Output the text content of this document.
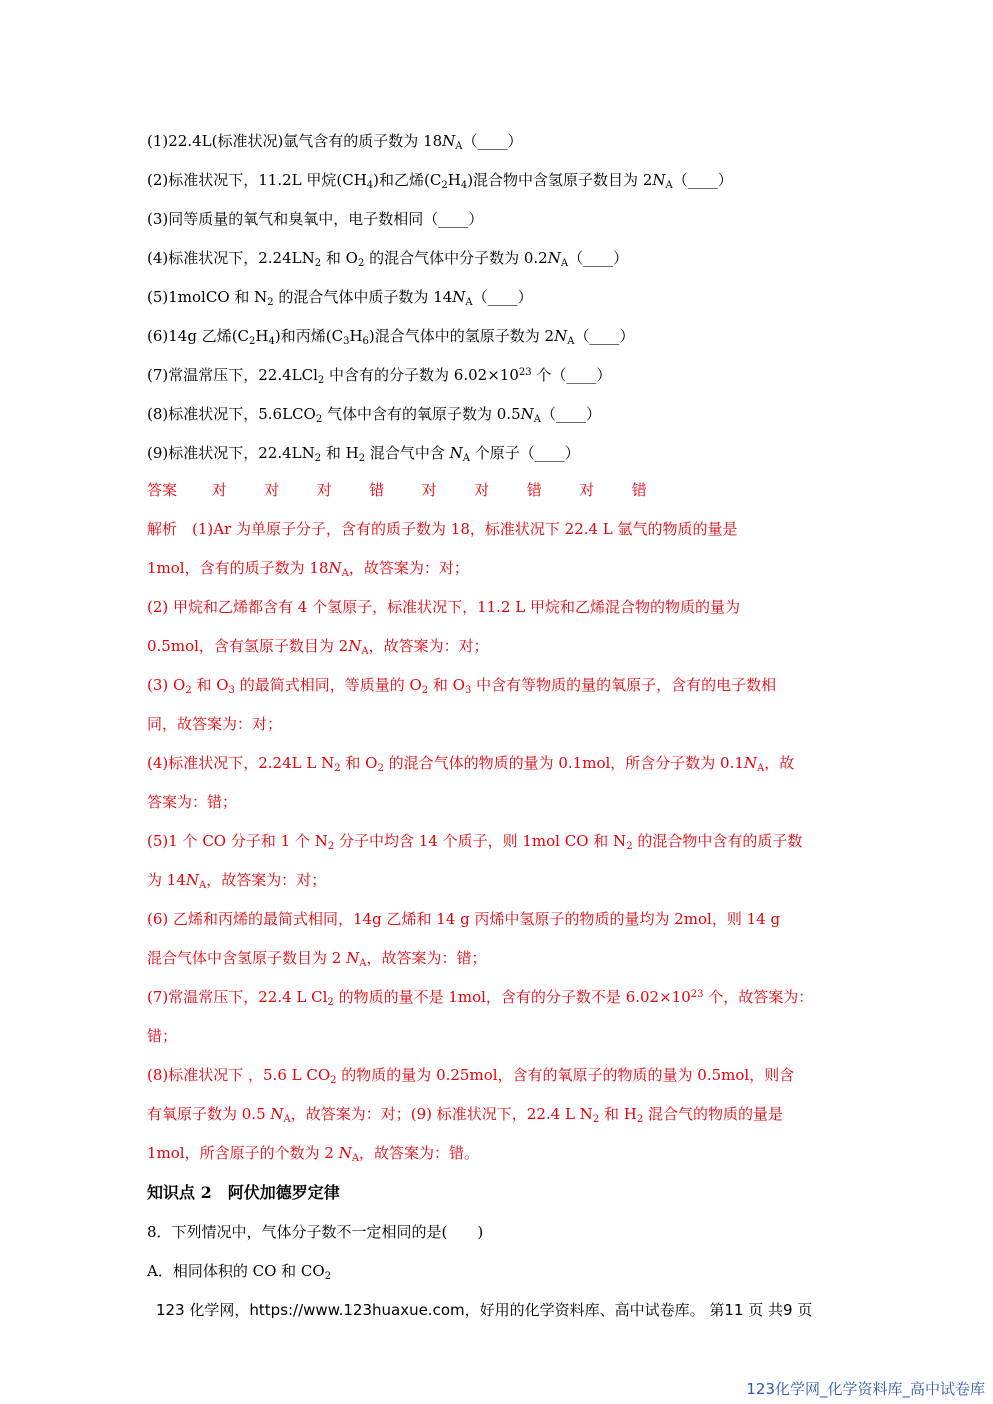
(1)22.4L(标准状况)氩气含有的质子数为 $18N_A(\_\_\_\_)$
(2)标准状况下，11.2L 甲烷$(CH_4)$和乙烯$(C_2H_4)$混合物中含氢原子数目为 $2N_A(\_\_\_\_)$
(3)同等质量的氧气和臭氧中，电子数相同（____）
(4)标准状况下，$2.24LN_2$ 和 $O_2$ 的混合气体中分子数为 $0.2N_A(\_\_\_\_)$
(5)1molCO 和 $N_2$ 的混合气体中质子数为 $14N_A(\_\_\_\_)$
(6)14g 乙烯$(C_2H_4)$和丙烯$(C_3H_6)$混合气体中的氢原子数为 $2N_A(\_\_\_\_)$
(7)常温常压下，22.4LCl$_2$ 中含有的分子数为 $6.02\times 10^{23}$ 个（____）
(8)标准状况下，$5.6LCO_2$ 气体中含有的氧原子数为 $0.5N_A(\_\_\_\_)$
(9)标准状况下，$22.4LN_2$ 和 $H_2$ 混合气中含 $N_A$ 个原子（____）
答案 对 对 对 错 对 对 错 对 错
解析　(1)Ar 为单原子分子，含有的质子数为 18，标准状况下 22.4 L 氩气的物质的量是
1mol，含有的质子数为 $18N_A$，故答案为：对；
(2) 甲烷和乙烯都含有 4 个氢原子，标准状况下，11.2 L 甲烷和乙烯混合物的物质的量为
0.5mol，含有氢原子数目为 $2N_A$，故答案为：对；
(3) $O_2$ 和 $O_3$ 的最简式相同，等质量的 $O_2$ 和 $O_3$ 中含有等物质的量的氧原子，含有的电子数相
同，故答案为：对；
(4)标准状况下，2.24L L $N_2$ 和 $O_2$ 的混合气体的物质的量为 0.1mol，所含分子数为 $0.1N_A$，故
答案为：错；
(5)1 个 CO 分子和 1 个 $N_2$ 分子中均含 14 个质子，则 1mol CO 和 $N_2$ 的混合物中含有的质子数
为 $14N_A$，故答案为：对；
(6) 乙烯和丙烯的最简式相同，14g 乙烯和 14 g 丙烯中氢原子的物质的量均为 2mol，则 14 g
混合气体中含氢原子数目为 2 $N_A$，故答案为：错；
(7)常温常压下，22.4 L $Cl_2$ 的物质的量不是 1mol，含有的分子数不是 $6.02\times 10^{23}$ 个，故答案为：
错；
(8)标准状况下 ，5.6 L $CO_2$ 的物质的量为 0.25mol，含有的氧原子的物质的量为 0.5mol，则含
有氧原子数为 0.5 $N_A$，故答案为：对；(9) 标准状况下，22.4 L $N_2$ 和 $H_2$ 混合气的物质的量是
1mol，所含原子的个数为 2 $N_A$，故答案为：错。
知识点 2　阿伏加德罗定律
8．下列情况中，气体分子数不一定相同的是(　　)
A．相同体积的 CO 和 $CO_2$
123 化学网，https://www.123huaxue.com，好用的化学资料库、高中试卷库。 第11 页 共9 页
123化学网_化学资料库_高中试卷库
